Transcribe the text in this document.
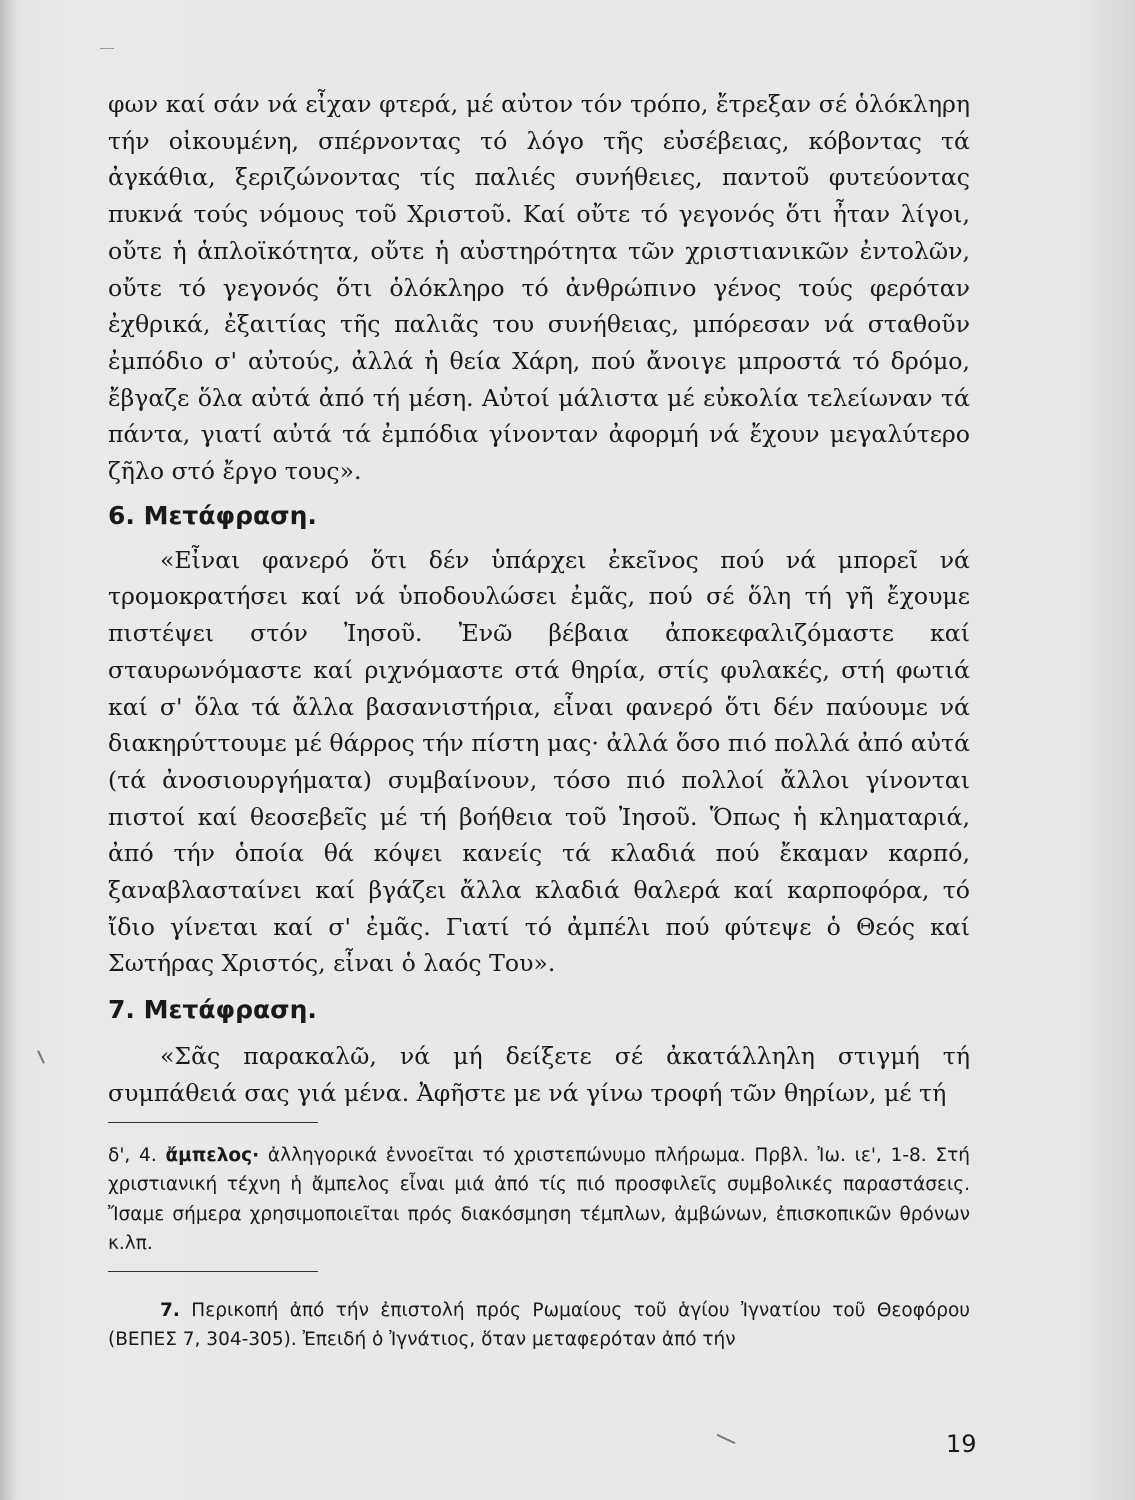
φων καί σάν νά εἶχαν φτερά, μέ αὐτον τόν τρόπο, ἔτρεξαν σέ ὁλόκληρη τήν οἰκουμένη, σπέρνοντας τό λόγο τῆς εὐσέβειας, κόβοντας τά ἀγκάθια, ξεριζώνοντας τίς παλιές συνήθειες, παντοῦ φυτεύοντας πυκνά τούς νόμους τοῦ Χριστοῦ. Καί οὔτε τό γεγονός ὅτι ἦταν λίγοι, οὔτε ἡ ἁπλοϊκότητα, οὔτε ἡ αὐστηρότητα τῶν χριστιανικῶν ἐντολῶν, οὔτε τό γεγονός ὅτι ὁλόκληρο τό ἀνθρώπινο γένος τούς φερόταν ἐχθρικά, ἐξαιτίας τῆς παλιᾶς του συνήθειας, μπόρεσαν νά σταθοῦν ἐμπόδιο σ' αὐτούς, ἀλλά ἡ θεία Χάρη, πού ἄνοιγε μπροστά τό δρόμο, ἔβγαζε ὅλα αὐτά ἀπό τή μέση. Αὐτοί μάλιστα μέ εὐκολία τελείωναν τά πάντα, γιατί αὐτά τά ἐμπόδια γίνονταν ἀφορμή νά ἔχουν μεγαλύτερο ζῆλο στό ἔργο τους».

6. Μετάφραση.

«Εἶναι φανερό ὅτι δέν ὑπάρχει ἐκεῖνος πού νά μπορεῖ νά τρομοκρατήσει καί νά ὑποδουλώσει ἐμᾶς, πού σέ ὅλη τή γῆ ἔχουμε πιστέψει στόν Ἰησοῦ. Ἐνῶ βέβαια ἀποκεφαλιζόμαστε καί σταυρωνόμαστε καί ριχνόμαστε στά θηρία, στίς φυλακές, στή φωτιά καί σ' ὅλα τά ἄλλα βασανιστήρια, εἶναι φανερό ὅτι δέν παύουμε νά διακηρύττουμε μέ θάρρος τήν πίστη μας· ἀλλά ὅσο πιό πολλά ἀπό αὐτά (τά ἀνοσιουργήματα) συμβαίνουν, τόσο πιό πολλοί ἄλλοι γίνονται πιστοί καί θεοσεβεῖς μέ τή βοήθεια τοῦ Ἰησοῦ. Ὅπως ἡ κληματαριά, ἀπό τήν ὁποία θά κόψει κανείς τά κλαδιά πού ἔκαμαν καρπό, ξαναβλασταίνει καί βγάζει ἄλλα κλαδιά θαλερά καί καρποφόρα, τό ἴδιο γίνεται καί σ' ἐμᾶς. Γιατί τό ἀμπέλι πού φύτεψε ὁ Θεός καί Σωτήρας Χριστός, εἶναι ὁ λαός Του».

7. Μετάφραση.

«Σᾶς παρακαλῶ, νά μή δείξετε σέ ἀκατάλληλη στιγμή τή συμπάθειά σας γιά μένα. Ἀφῆστε με νά γίνω τροφή τῶν θηρίων, μέ τή

δ', 4. ἄμπελος· ἀλληγορικά ἐννοεῖται τό χριστεπώνυμο πλήρωμα. Πρβλ. Ἰω. ιε', 1-8. Στή χριστιανική τέχνη ἡ ἄμπελος εἶναι μιά ἀπό τίς πιό προσφιλεῖς συμβολικές παραστάσεις. Ἴσαμε σήμερα χρησιμοποιεῖται πρός διακόσμηση τέμπλων, ἀμβώνων, ἐπισκοπικῶν θρόνων κ.λπ.

7. Περικοπή ἀπό τήν ἐπιστολή πρός Ρωμαίους τοῦ ἁγίου Ἰγνατίου τοῦ Θεοφόρου (ΒΕΠΕΣ 7, 304-305). Ἐπειδή ὁ Ἰγνάτιος, ὅταν μεταφερόταν ἀπό τήν

19
